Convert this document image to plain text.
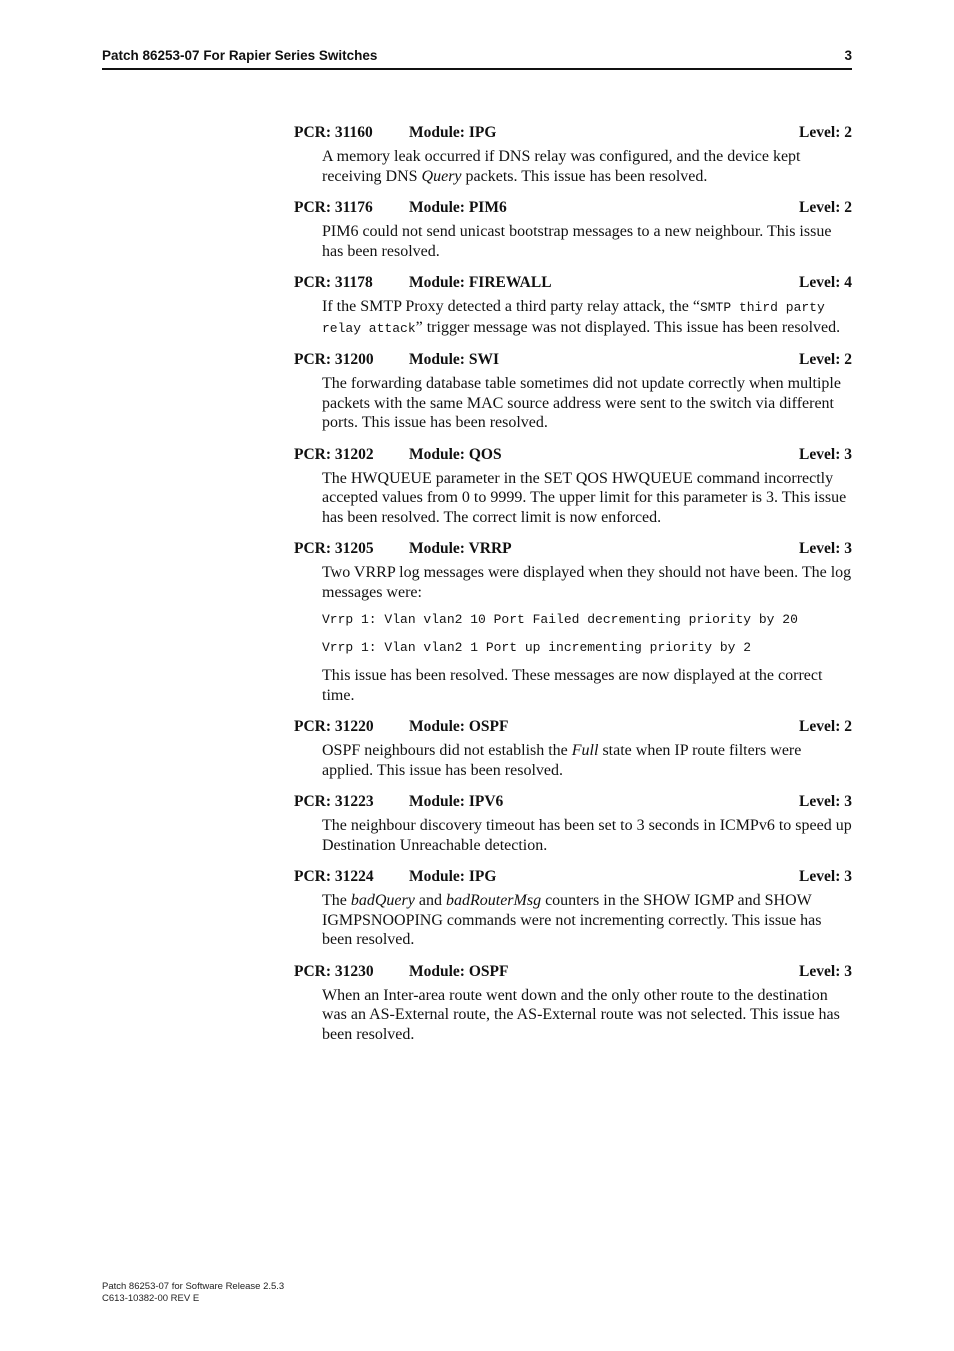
Patch 86253-07 For Rapier Series Switches	3
PCR: 31160 Module: IPG	Level: 2

A memory leak occurred if DNS relay was configured, and the device kept receiving DNS Query packets. This issue has been resolved.

PCR: 31176 Module: PIM6	Level: 2

PIM6 could not send unicast bootstrap messages to a new neighbour. This issue has been resolved.

PCR: 31178 Module: FIREWALL	Level: 4

If the SMTP Proxy detected a third party relay attack, the “SMTP third party relay attack” trigger message was not displayed. This issue has been resolved.

PCR: 31200 Module: SWI	Level: 2

The forwarding database table sometimes did not update correctly when multiple packets with the same MAC source address were sent to the switch via different ports. This issue has been resolved.

PCR: 31202 Module: QOS	Level: 3

The HWQUEUE parameter in the SET QOS HWQUEUE command incorrectly accepted values from 0 to 9999. The upper limit for this parameter is 3. This issue has been resolved. The correct limit is now enforced.

PCR: 31205 Module: VRRP	Level: 3

Two VRRP log messages were displayed when they should not have been. The log messages were:

Vrrp 1: Vlan vlan2 10 Port Failed decrementing priority by 20
Vrrp 1: Vlan vlan2 1 Port up incrementing priority by 2

This issue has been resolved. These messages are now displayed at the correct time.

PCR: 31220 Module: OSPF	Level: 2

OSPF neighbours did not establish the Full state when IP route filters were applied. This issue has been resolved.

PCR: 31223 Module: IPV6	Level: 3

The neighbour discovery timeout has been set to 3 seconds in ICMPv6 to speed up Destination Unreachable detection.

PCR: 31224 Module: IPG	Level: 3

The badQuery and badRouterMsg counters in the SHOW IGMP and SHOW IGMPSNOOPING commands were not incrementing correctly. This issue has been resolved.

PCR: 31230 Module: OSPF	Level: 3

When an Inter-area route went down and the only other route to the destination was an AS-External route, the AS-External route was not selected. This issue has been resolved.

Patch 86253-07 for Software Release 2.5.3
C613-10382-00 REV E
